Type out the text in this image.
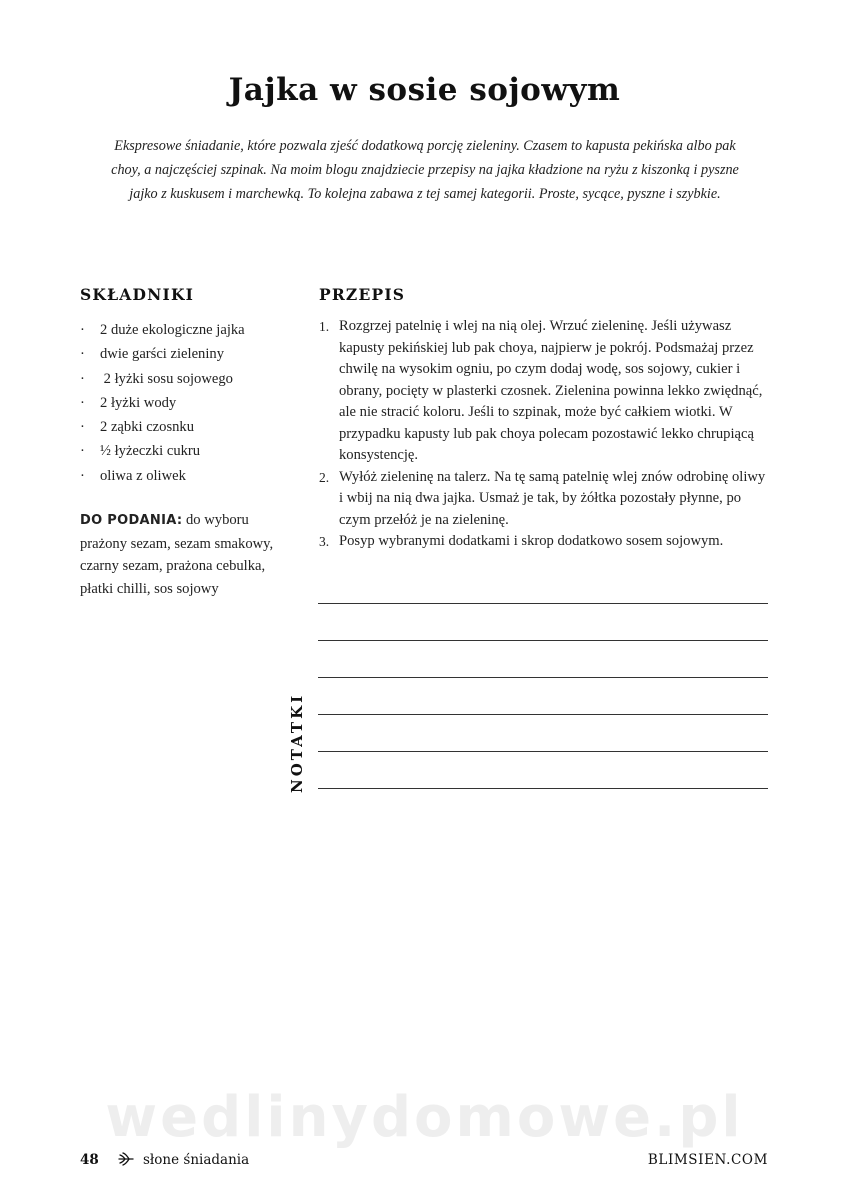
Jajka w sosie sojowym

Ekspresowe śniadanie, które pozwala zjeść dodatkową porcję zieleniny. Czasem to kapusta pekińska albo pak choy, a najczęściej szpinak. Na moim blogu znajdziecie przepisy na jajka kładzione na ryżu z kiszonką i pyszne jajko z kuskusem i marchewką. To kolejna zabawa z tej samej kategorii. Proste, sycące, pyszne i szybkie.

SKŁADNIKI	PRZEPIS
· 2 duże ekologiczne jajka
· dwie garści zieleniny
· 2 łyżki sosu sojowego
· 2 łyżki wody
· 2 ząbki czosnku
· ½ łyżeczki cukru
· oliwa z oliwek

DO PODANIA: do wyboru prażony sezam, sezam smakowy, czarny sezam, prażona cebulka, płatki chilli, sos sojowy

1. Rozgrzej patelnię i wlej na nią olej. Wrzuć zieleninę. Jeśli używasz kapusty pekińskiej lub pak choya, najpierw je pokrój. Podsmażaj przez chwilę na wysokim ogniu, po czym dodaj wodę, sos sojowy, cukier i obrany, pocięty w plasterki czosnek. Zielenina powinna lekko zwiędnąć, ale nie stracić koloru. Jeśli to szpinak, może być całkiem wiotki. W przypadku kapusty lub pak choya polecam pozostawić lekko chrupiącą konsystencję.
2. Wyłóż zieleninę na talerz. Na tę samą patelnię wlej znów odrobinę oliwy i wbij na nią dwa jajka. Usmaż je tak, by żółtka pozostały płynne, po czym przełóż je na zieleninę.
3. Posyp wybranymi dodatkami i skrop dodatkowo sosem sojowym.

NOTATKI

wedlinydomowe.pl

48	słone śniadania	BLIMSIEN.COM
